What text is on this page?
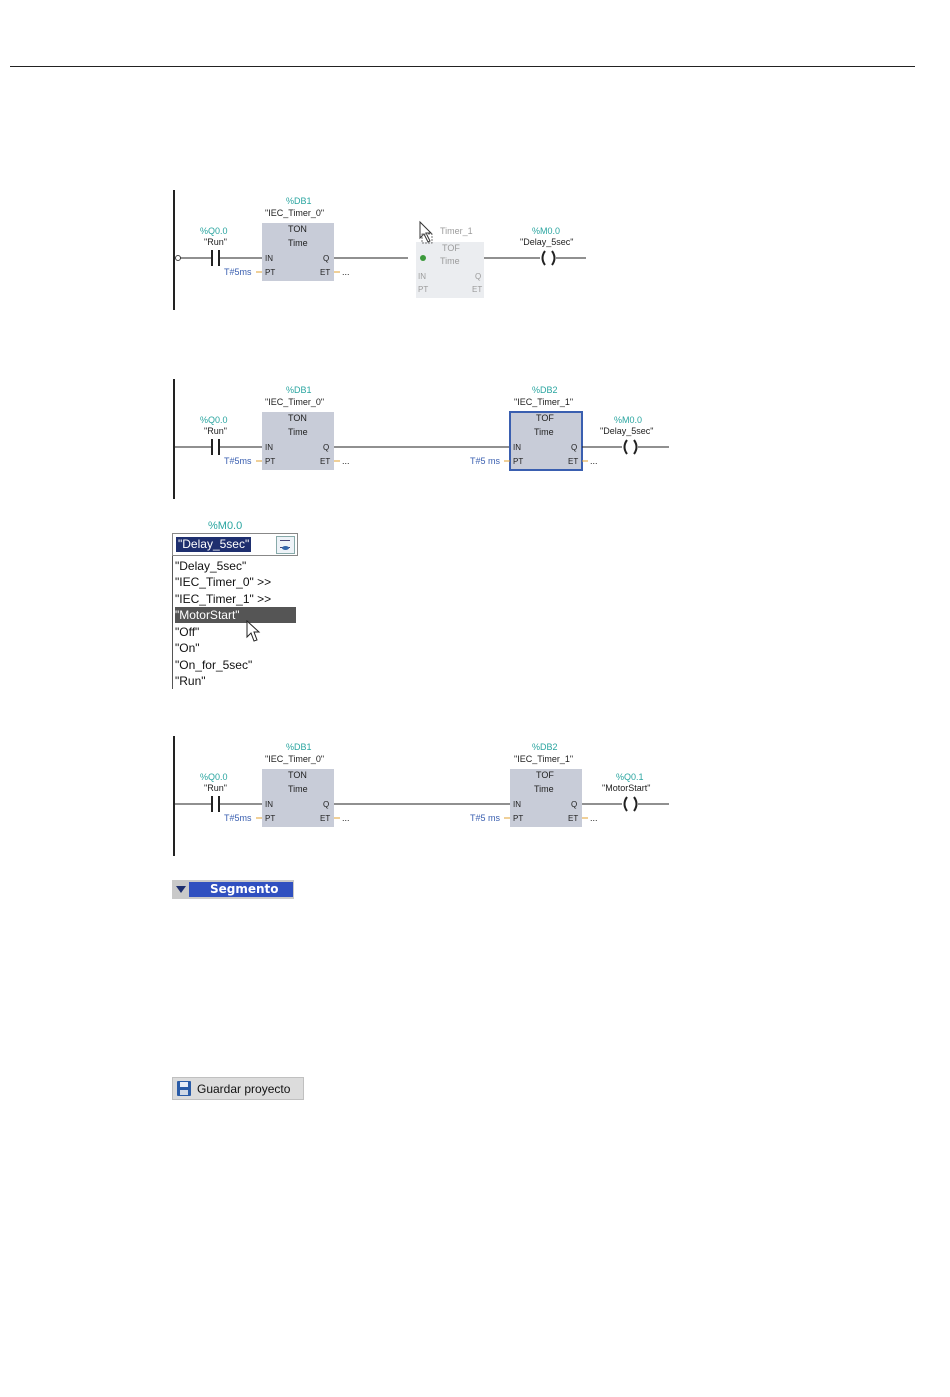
%Q0.0
"Run"
%DB1
"IEC_Timer_0"
TON
Time
IN	Q
PT	ET
T#5ms	...
Timer_1
TOF
Time
IN	Q
PT	ET
%M0.0
"Delay_5sec"
%Q0.0
"Run"
%DB1
"IEC_Timer_0"
TON
Time
IN	Q
PT	ET
T#5ms	...
%DB2
"IEC_Timer_1"
TOF
Time
IN	Q
PT	ET
T#5 ms	...
%M0.0
"Delay_5sec"
%M0.0
"Delay_5sec"
"Delay_5sec"
"IEC_Timer_0" >>
"IEC_Timer_1" >>
"MotorStart"
"Off"
"On"
"On_for_5sec"
"Run"
%Q0.0
"Run"
%DB1
"IEC_Timer_0"
TON
Time
IN	Q
PT	ET
T#5ms	...
%DB2
"IEC_Timer_1"
TOF
Time
IN	Q
PT	ET
T#5 ms	...
%Q0.1
"MotorStart"
Segmento 3:
Guardar proyecto
